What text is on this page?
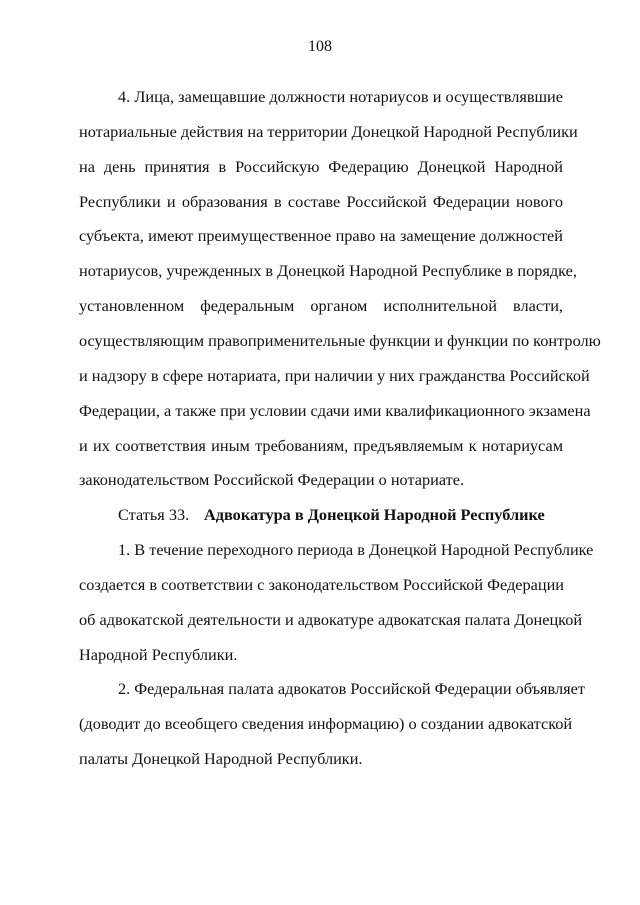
108
4. Лица, замещавшие должности нотариусов и осуществлявшие
нотариальные действия на территории Донецкой Народной Республики
на день принятия в Российскую Федерацию Донецкой Народной
Республики и образования в составе Российской Федерации нового
субъекта, имеют преимущественное право на замещение должностей
нотариусов, учрежденных в Донецкой Народной Республике в порядке,
установленном федеральным органом исполнительной власти,
осуществляющим правоприменительные функции и функции по контролю
и надзору в сфере нотариата, при наличии у них гражданства Российской
Федерации, а также при условии сдачи ими квалификационного экзамена
и их соответствия иным требованиям, предъявляемым к нотариусам
законодательством Российской Федерации о нотариате.
Статья 33. Адвокатура в Донецкой Народной Республике
1. В течение переходного периода в Донецкой Народной Республике
создается в соответствии с законодательством Российской Федерации
об адвокатской деятельности и адвокатуре адвокатская палата Донецкой
Народной Республики.
2. Федеральная палата адвокатов Российской Федерации объявляет
(доводит до всеобщего сведения информацию) о создании адвокатской
палаты Донецкой Народной Республики.
